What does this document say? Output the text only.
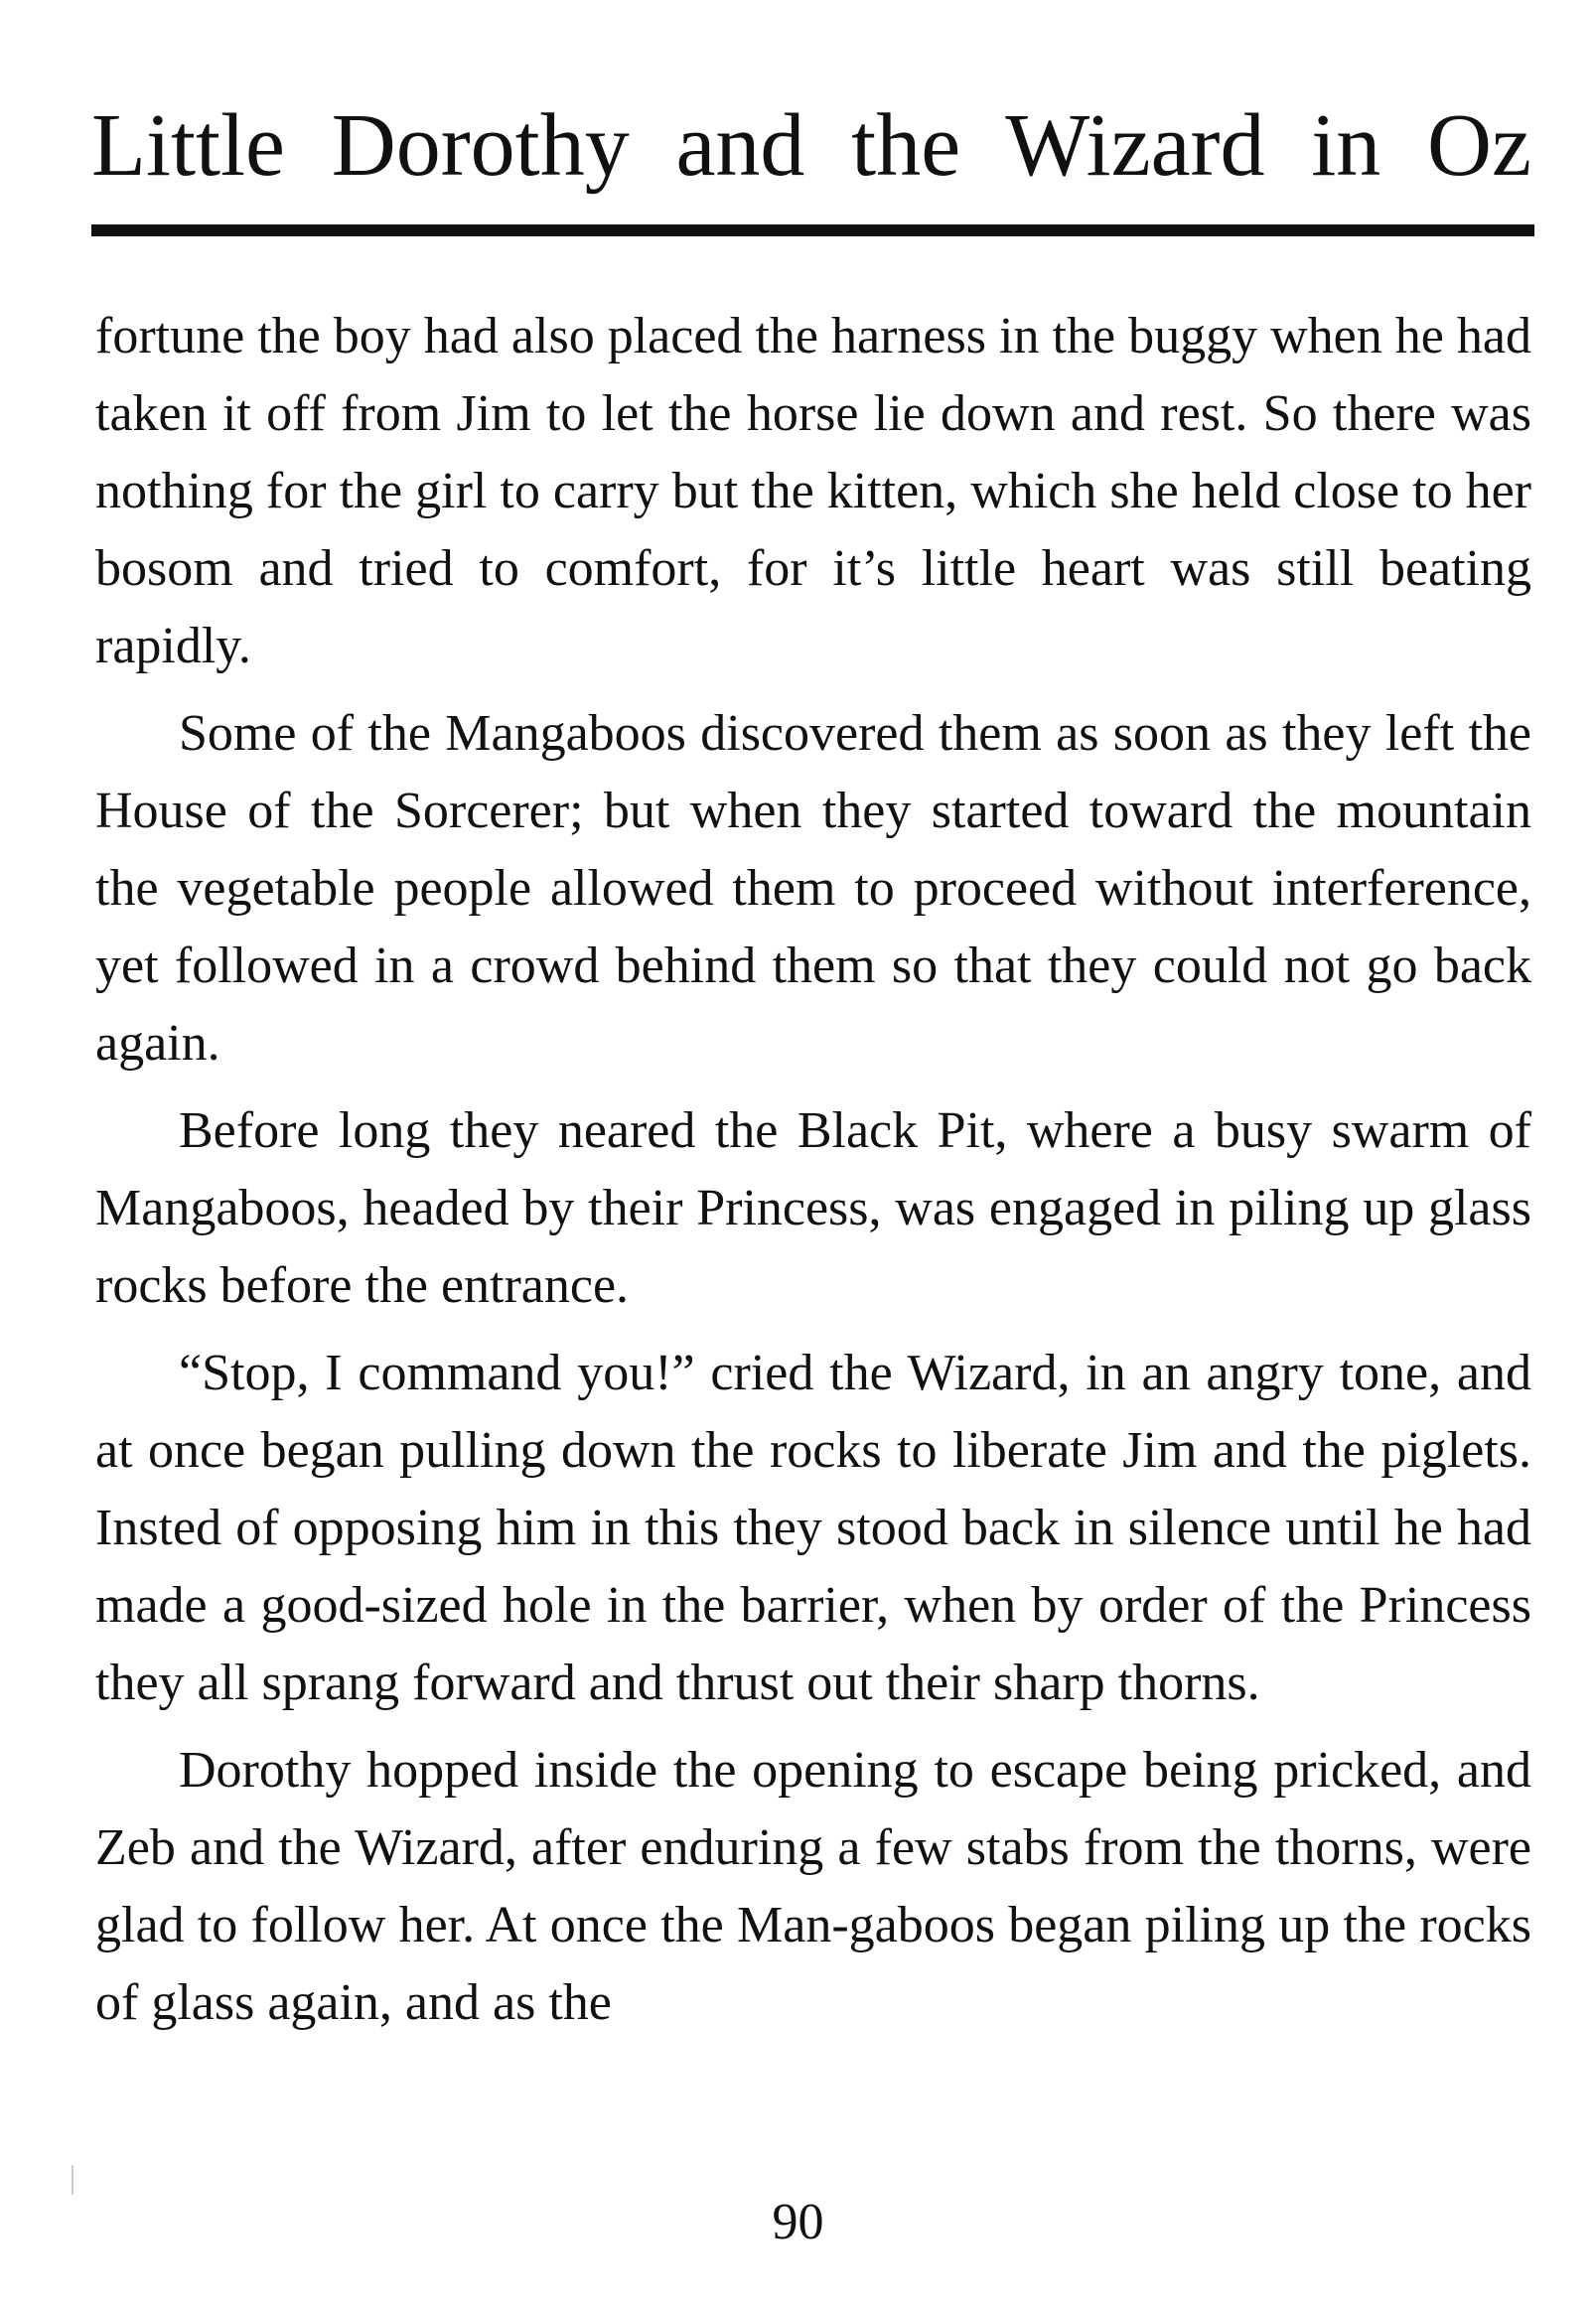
Little Dorothy and the Wizard in Oz

fortune the boy had also placed the harness in the buggy when he had taken it off from Jim to let the horse lie down and rest. So there was nothing for the girl to carry but the kitten, which she held close to her bosom and tried to comfort, for it’s little heart was still beating rapidly.

Some of the Mangaboos discovered them as soon as they left the House of the Sorcerer; but when they started toward the mountain the vegetable people allowed them to proceed without interference, yet followed in a crowd behind them so that they could not go back again.

Before long they neared the Black Pit, where a busy swarm of Mangaboos, headed by their Princess, was engaged in piling up glass rocks before the entrance.

“Stop, I command you!” cried the Wizard, in an angry tone, and at once began pulling down the rocks to liberate Jim and the piglets. Insted of opposing him in this they stood back in silence until he had made a good-sized hole in the barrier, when by order of the Princess they all sprang forward and thrust out their sharp thorns.

Dorothy hopped inside the opening to escape being pricked, and Zeb and the Wizard, after enduring a few stabs from the thorns, were glad to follow her. At once the Man-gaboos began piling up the rocks of glass again, and as the

90
